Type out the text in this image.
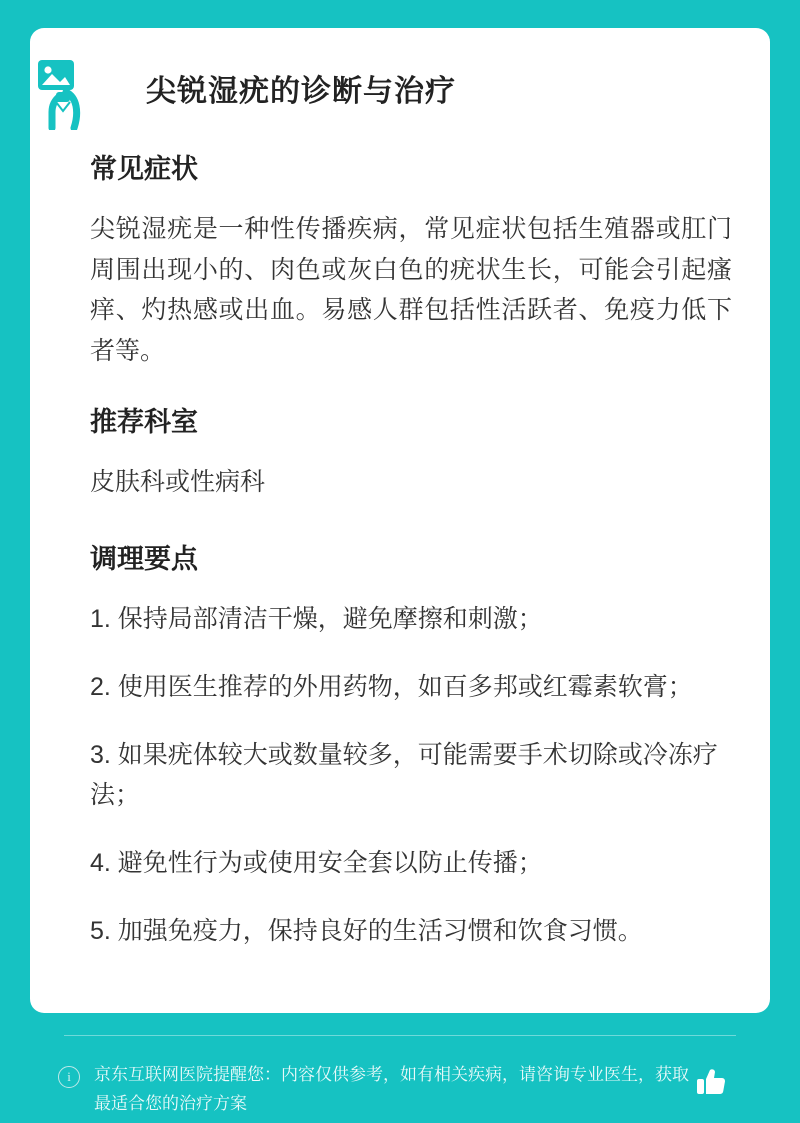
尖锐湿疣的诊断与治疗
常见症状

尖锐湿疣是一种性传播疾病，常见症状包括生殖器或肛门周围出现小的、肉色或灰白色的疣状生长，可能会引起瘙痒、灼热感或出血。易感人群包括性活跃者、免疫力低下者等。

推荐科室

皮肤科或性病科

调理要点
1. 保持局部清洁干燥，避免摩擦和刺激；
2. 使用医生推荐的外用药物，如百多邦或红霉素软膏；
3. 如果疣体较大或数量较多，可能需要手术切除或冷冻疗法；
4. 避免性行为或使用安全套以防止传播；
5. 加强免疫力，保持良好的生活习惯和饮食习惯。
i	京东互联网医院提醒您：内容仅供参考，如有相关疾病，请咨询专业医生，获取最适合您的治疗方案
